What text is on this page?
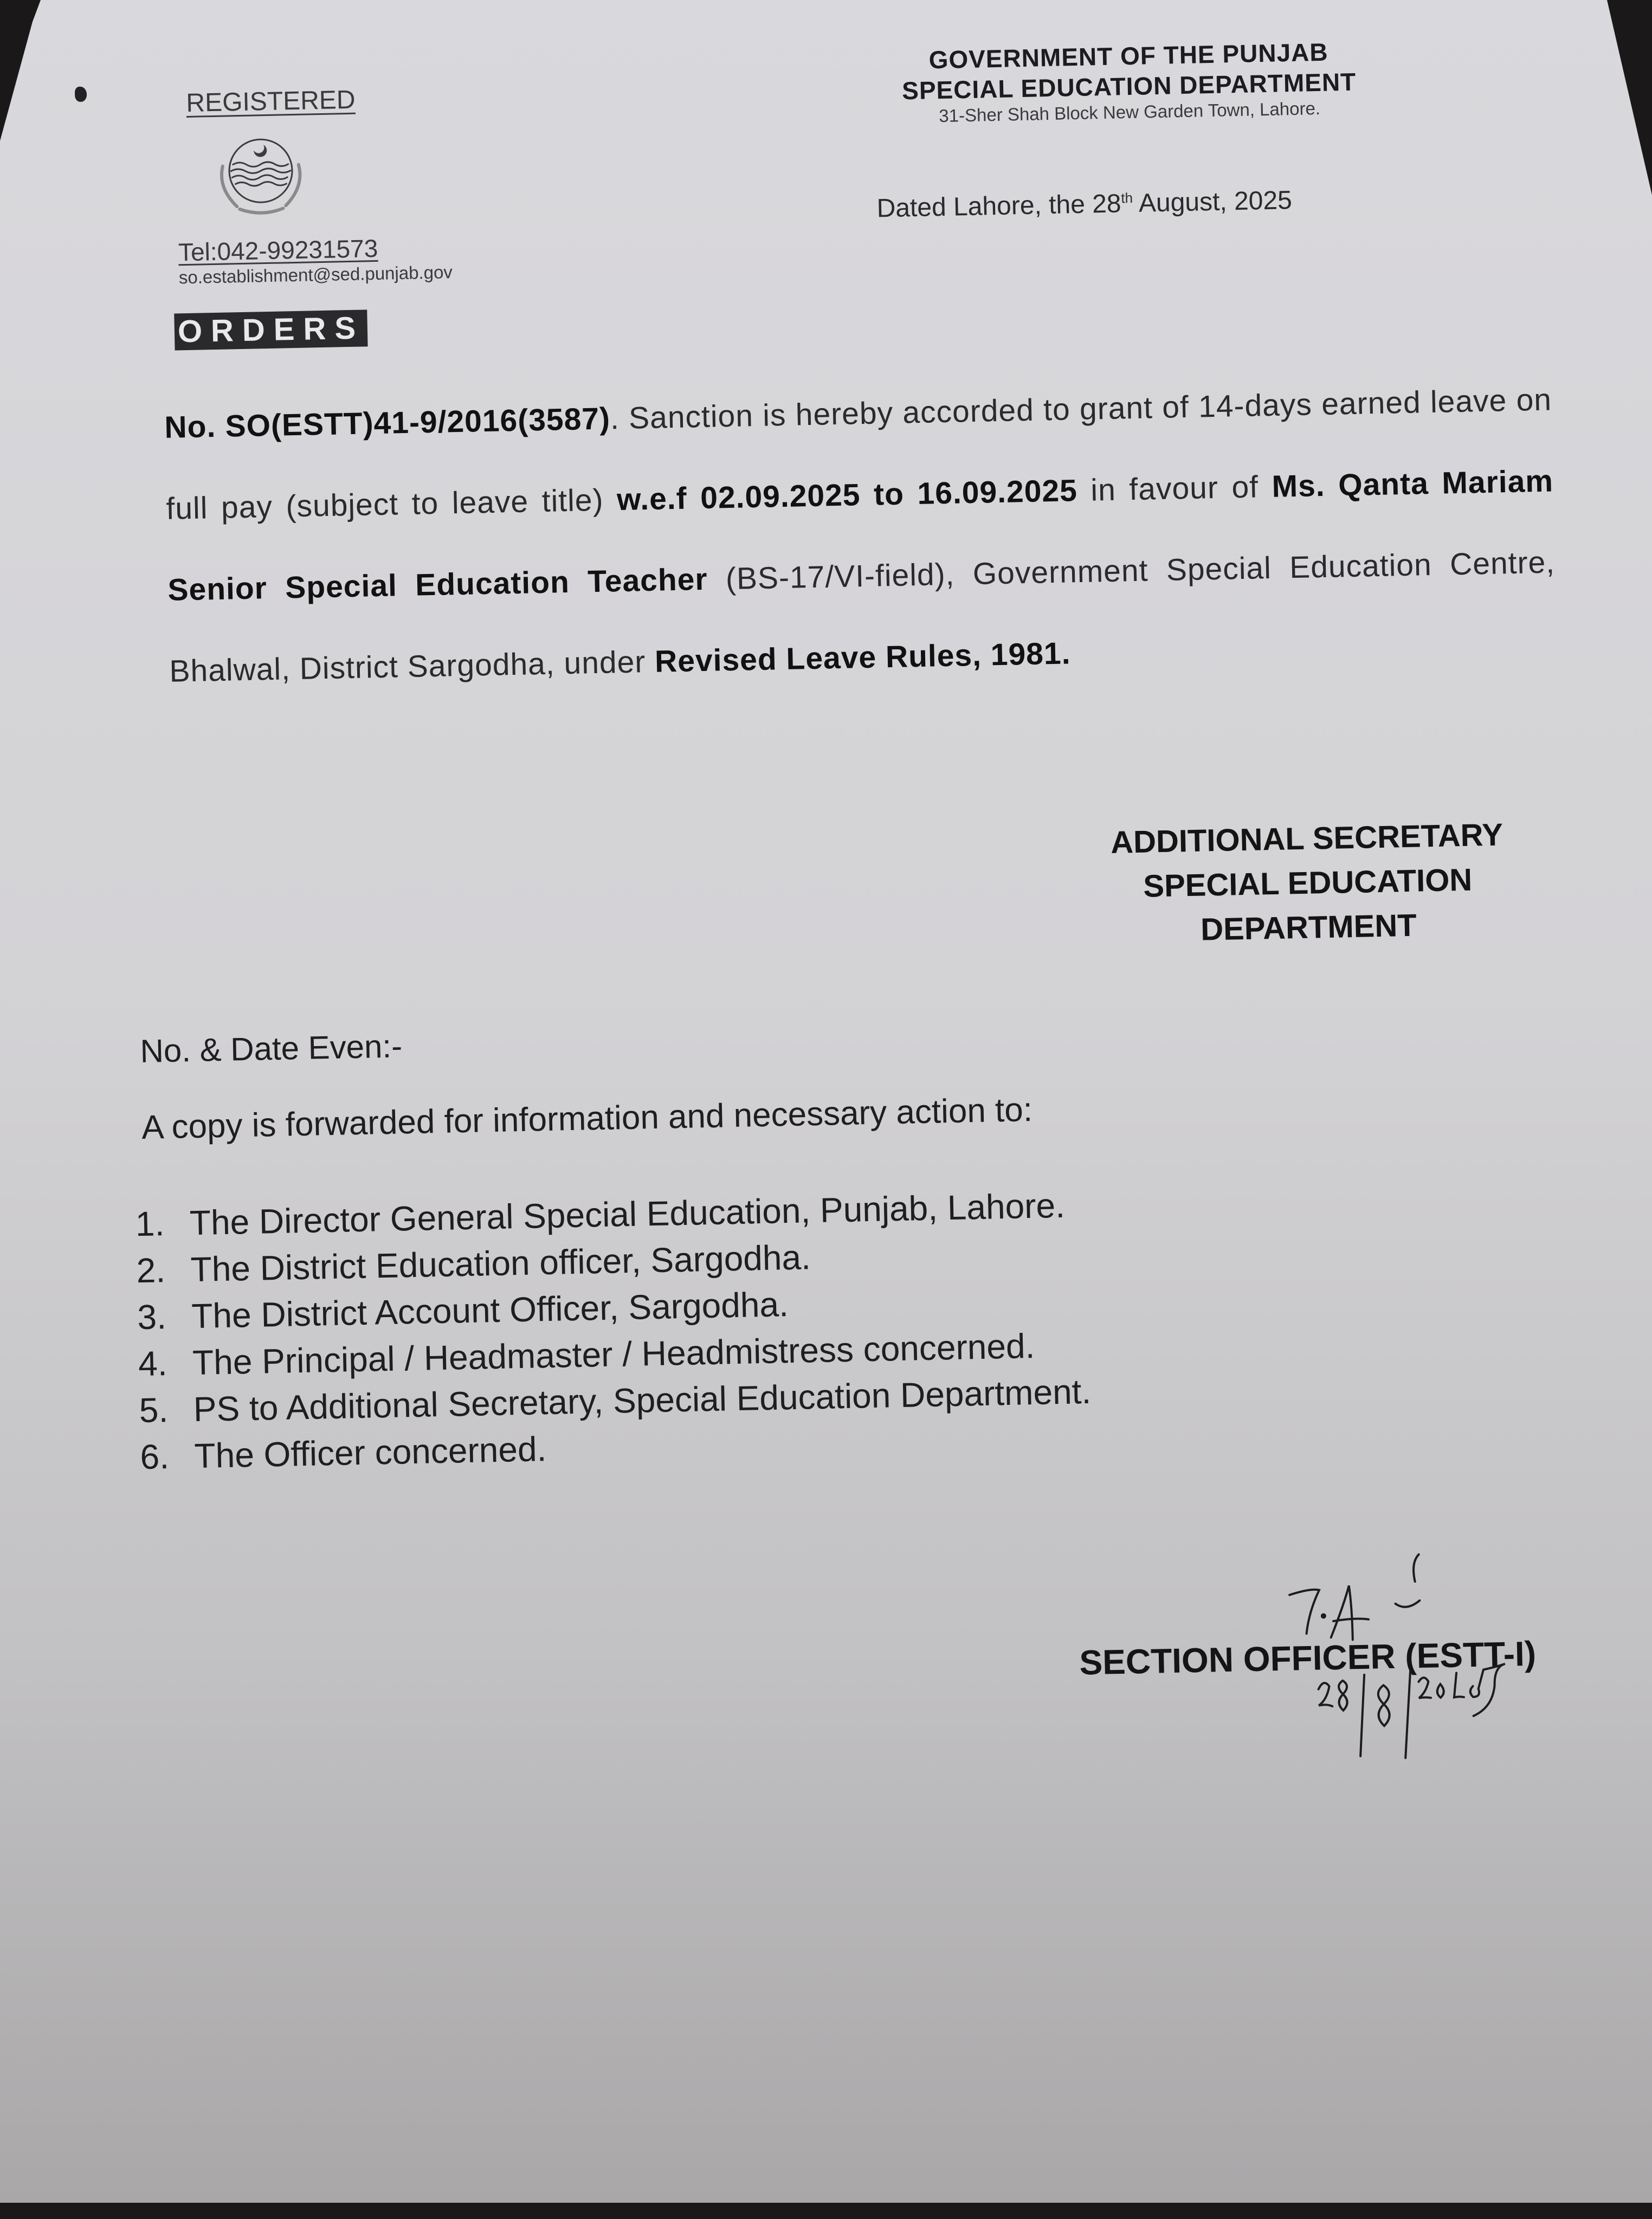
REGISTERED
Tel:042-99231573
so.establishment@sed.punjab.gov
ORDERS
GOVERNMENT OF THE PUNJAB
SPECIAL EDUCATION DEPARTMENT
31-Sher Shah Block New Garden Town, Lahore.
Dated Lahore, the 28th August, 2025
No. SO(ESTT)41-9/2016(3587). Sanction is hereby accorded to grant of 14-days earned leave on full pay (subject to leave title) w.e.f 02.09.2025 to 16.09.2025 in favour of Ms. Qanta Mariam Senior Special Education Teacher (BS-17/VI-field), Government Special Education Centre, Bhalwal, District Sargodha, under Revised Leave Rules, 1981.
ADDITIONAL SECRETARY
SPECIAL EDUCATION
DEPARTMENT
No. & Date Even:-
A copy is forwarded for information and necessary action to:
1. The Director General Special Education, Punjab, Lahore.
2. The District Education officer, Sargodha.
3. The District Account Officer, Sargodha.
4. The Principal / Headmaster / Headmistress concerned.
5. PS to Additional Secretary, Special Education Department.
6. The Officer concerned.
SECTION OFFICER (ESTT-I)
